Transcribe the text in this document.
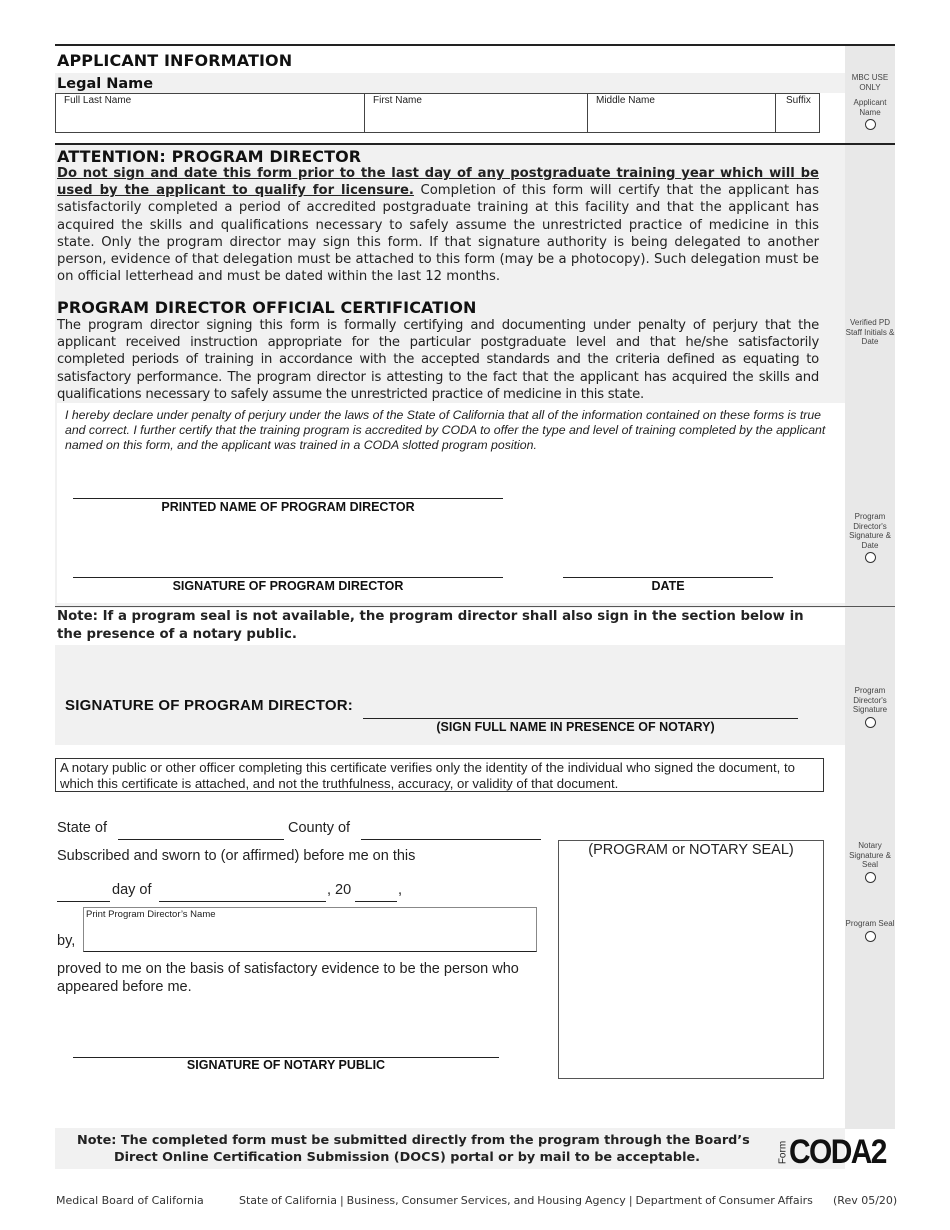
APPLICANT INFORMATION
Legal Name
Full Last Name	First Name	Middle Name	Suffix
MBC USE ONLY
Applicant Name
ATTENTION: PROGRAM DIRECTOR
Do not sign and date this form prior to the last day of any postgraduate training year which will be used by the applicant to qualify for licensure. Completion of this form will certify that the applicant has satisfactorily completed a period of accredited postgraduate training at this facility and that the applicant has acquired the skills and qualifications necessary to safely assume the unrestricted practice of medicine in this state. Only the program director may sign this form. If that signature authority is being delegated to another person, evidence of that delegation must be attached to this form (may be a photocopy). Such delegation must be on official letterhead and must be dated within the last 12 months.
PROGRAM DIRECTOR OFFICIAL CERTIFICATION
The program director signing this form is formally certifying and documenting under penalty of perjury that the applicant received instruction appropriate for the particular postgraduate level and that he/she satisfactorily completed periods of training in accordance with the accepted standards and the criteria defined as equating to satisfactory performance. The program director is attesting to the fact that the applicant has acquired the skills and qualifications necessary to safely assume the unrestricted practice of medicine in this state.
Verified PD Staff Initials & Date
I hereby declare under penalty of perjury under the laws of the State of California that all of the information contained on these forms is true and correct. I further certify that the training program is accredited by CODA to offer the type and level of training completed by the applicant named on this form, and the applicant was trained in a CODA slotted program position.
PRINTED NAME OF PROGRAM DIRECTOR
SIGNATURE OF PROGRAM DIRECTOR	DATE
Program Director's Signature & Date
Note: If a program seal is not available, the program director shall also sign in the section below in the presence of a notary public.
SIGNATURE OF PROGRAM DIRECTOR:
(SIGN FULL NAME IN PRESENCE OF NOTARY)
Program Director's Signature
A notary public or other officer completing this certificate verifies only the identity of the individual who signed the document, to which this certificate is attached, and not the truthfulness, accuracy, or validity of that document.
State of	County of
Subscribed and sworn to (or affirmed) before me on this
day of	, 20	,
Print Program Director’s Name
by,
proved to me on the basis of satisfactory evidence to be the person who appeared before me.
SIGNATURE OF NOTARY PUBLIC
(PROGRAM or NOTARY SEAL)	Notary Signature & Seal
Program Seal
Note: The completed form must be submitted directly from the program through the Board’s
Direct Online Certification Submission (DOCS) portal or by mail to be acceptable.	Form CODA2
Medical Board of California	State of California | Business, Consumer Services, and Housing Agency | Department of Consumer Affairs (Rev 05/20)
